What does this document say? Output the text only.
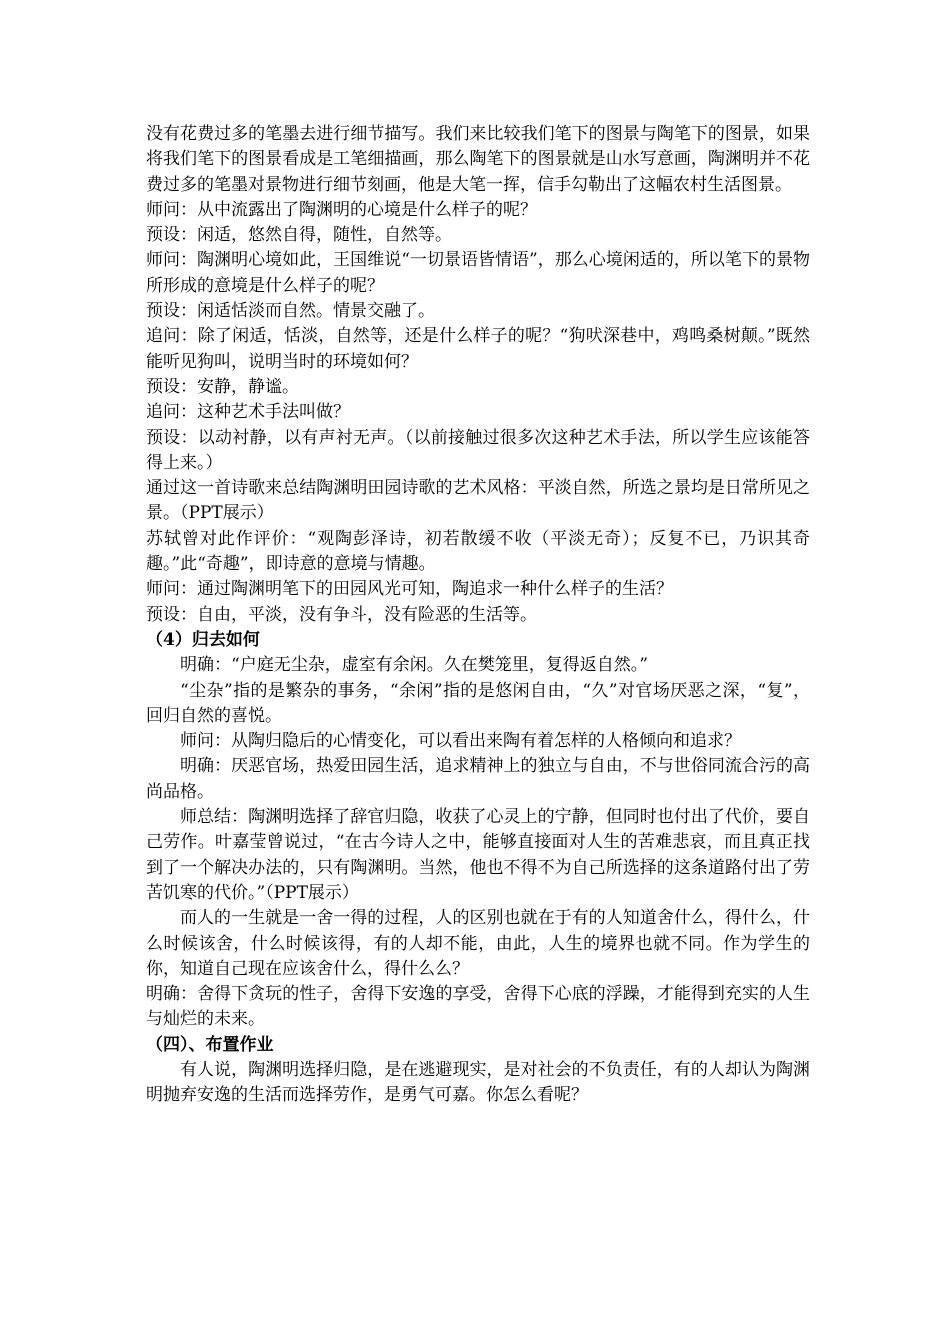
没有花费过多的笔墨去进行细节描写。我们来比较我们笔下的图景与陶笔下的图景，如果将我们笔下的图景看成是工笔细描画，那么陶笔下的图景就是山水写意画，陶渊明并不花费过多的笔墨对景物进行细节刻画，他是大笔一挥，信手勾勒出了这幅农村生活图景。

师问：从中流露出了陶渊明的心境是什么样子的呢？

预设：闲适，悠然自得，随性，自然等。

师问：陶渊明心境如此，王国维说“一切景语皆情语”，那么心境闲适的，所以笔下的景物所形成的意境是什么样子的呢？

预设：闲适恬淡而自然。情景交融了。

追问：除了闲适，恬淡，自然等，还是什么样子的呢？“狗吠深巷中，鸡鸣桑树颠。”既然能听见狗叫，说明当时的环境如何？

预设：安静，静谧。

追问：这种艺术手法叫做？

预设：以动衬静，以有声衬无声。（以前接触过很多次这种艺术手法，所以学生应该能答得上来。）

通过这一首诗歌来总结陶渊明田园诗歌的艺术风格：平淡自然，所选之景均是日常所见之景。（PPT展示）

苏轼曾对此作评价：“观陶彭泽诗，初若散缓不收（平淡无奇）；反复不已，乃识其奇趣。”此“奇趣”，即诗意的意境与情趣。

师问：通过陶渊明笔下的田园风光可知，陶追求一种什么样子的生活？

预设：自由，平淡，没有争斗，没有险恶的生活等。

（4）归去如何

明确：“户庭无尘杂，虚室有余闲。久在樊笼里，复得返自然。”

“尘杂”指的是繁杂的事务，“余闲”指的是悠闲自由，“久”对官场厌恶之深，“复”，回归自然的喜悦。

师问：从陶归隐后的心情变化，可以看出来陶有着怎样的人格倾向和追求？

明确：厌恶官场，热爱田园生活，追求精神上的独立与自由，不与世俗同流合污的高尚品格。

师总结：陶渊明选择了辞官归隐，收获了心灵上的宁静，但同时也付出了代价，要自己劳作。叶嘉莹曾说过，“在古今诗人之中，能够直接面对人生的苦难悲哀，而且真正找到了一个解决办法的，只有陶渊明。当然，他也不得不为自己所选择的这条道路付出了劳苦饥寒的代价。”（PPT展示）

而人的一生就是一舍一得的过程，人的区别也就在于有的人知道舍什么，得什么，什么时候该舍，什么时候该得，有的人却不能，由此，人生的境界也就不同。作为学生的你，知道自己现在应该舍什么，得什么么？

明确：舍得下贪玩的性子，舍得下安逸的享受，舍得下心底的浮躁，才能得到充实的人生与灿烂的未来。

（四）、布置作业

有人说，陶渊明选择归隐，是在逃避现实，是对社会的不负责任，有的人却认为陶渊明抛弃安逸的生活而选择劳作，是勇气可嘉。你怎么看呢？
